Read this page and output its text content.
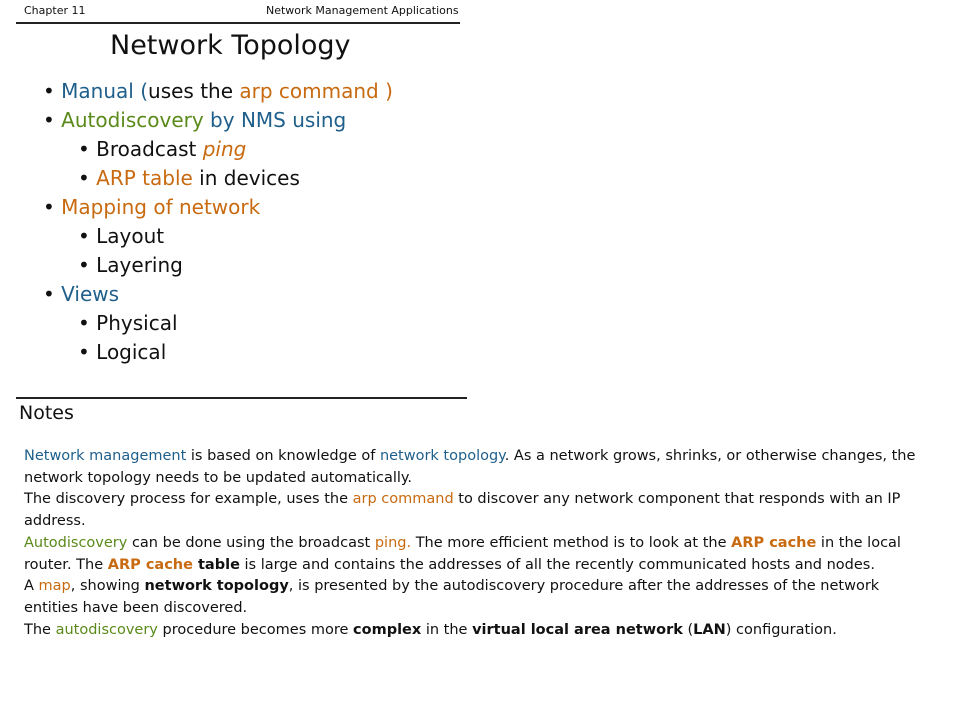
Chapter 11	Network Management Applications
Network Topology
• Manual (uses the arp command )
• Autodiscovery by NMS using
• Broadcast ping
• ARP table in devices
• Mapping of network
• Layout
• Layering
• Views
• Physical
• Logical
Notes

Network management is based on knowledge of network topology. As a network grows, shrinks, or otherwise changes, the network topology needs to be updated automatically.

The discovery process for example, uses the arp command to discover any network component that responds with an IP address.

Autodiscovery can be done using the broadcast ping. The more efficient method is to look at the ARP cache in the local router. The ARP cache table is large and contains the addresses of all the recently communicated hosts and nodes.

A map, showing network topology, is presented by the autodiscovery procedure after the addresses of the network entities have been discovered.

The autodiscovery procedure becomes more complex in the virtual local area network (LAN) configuration.
